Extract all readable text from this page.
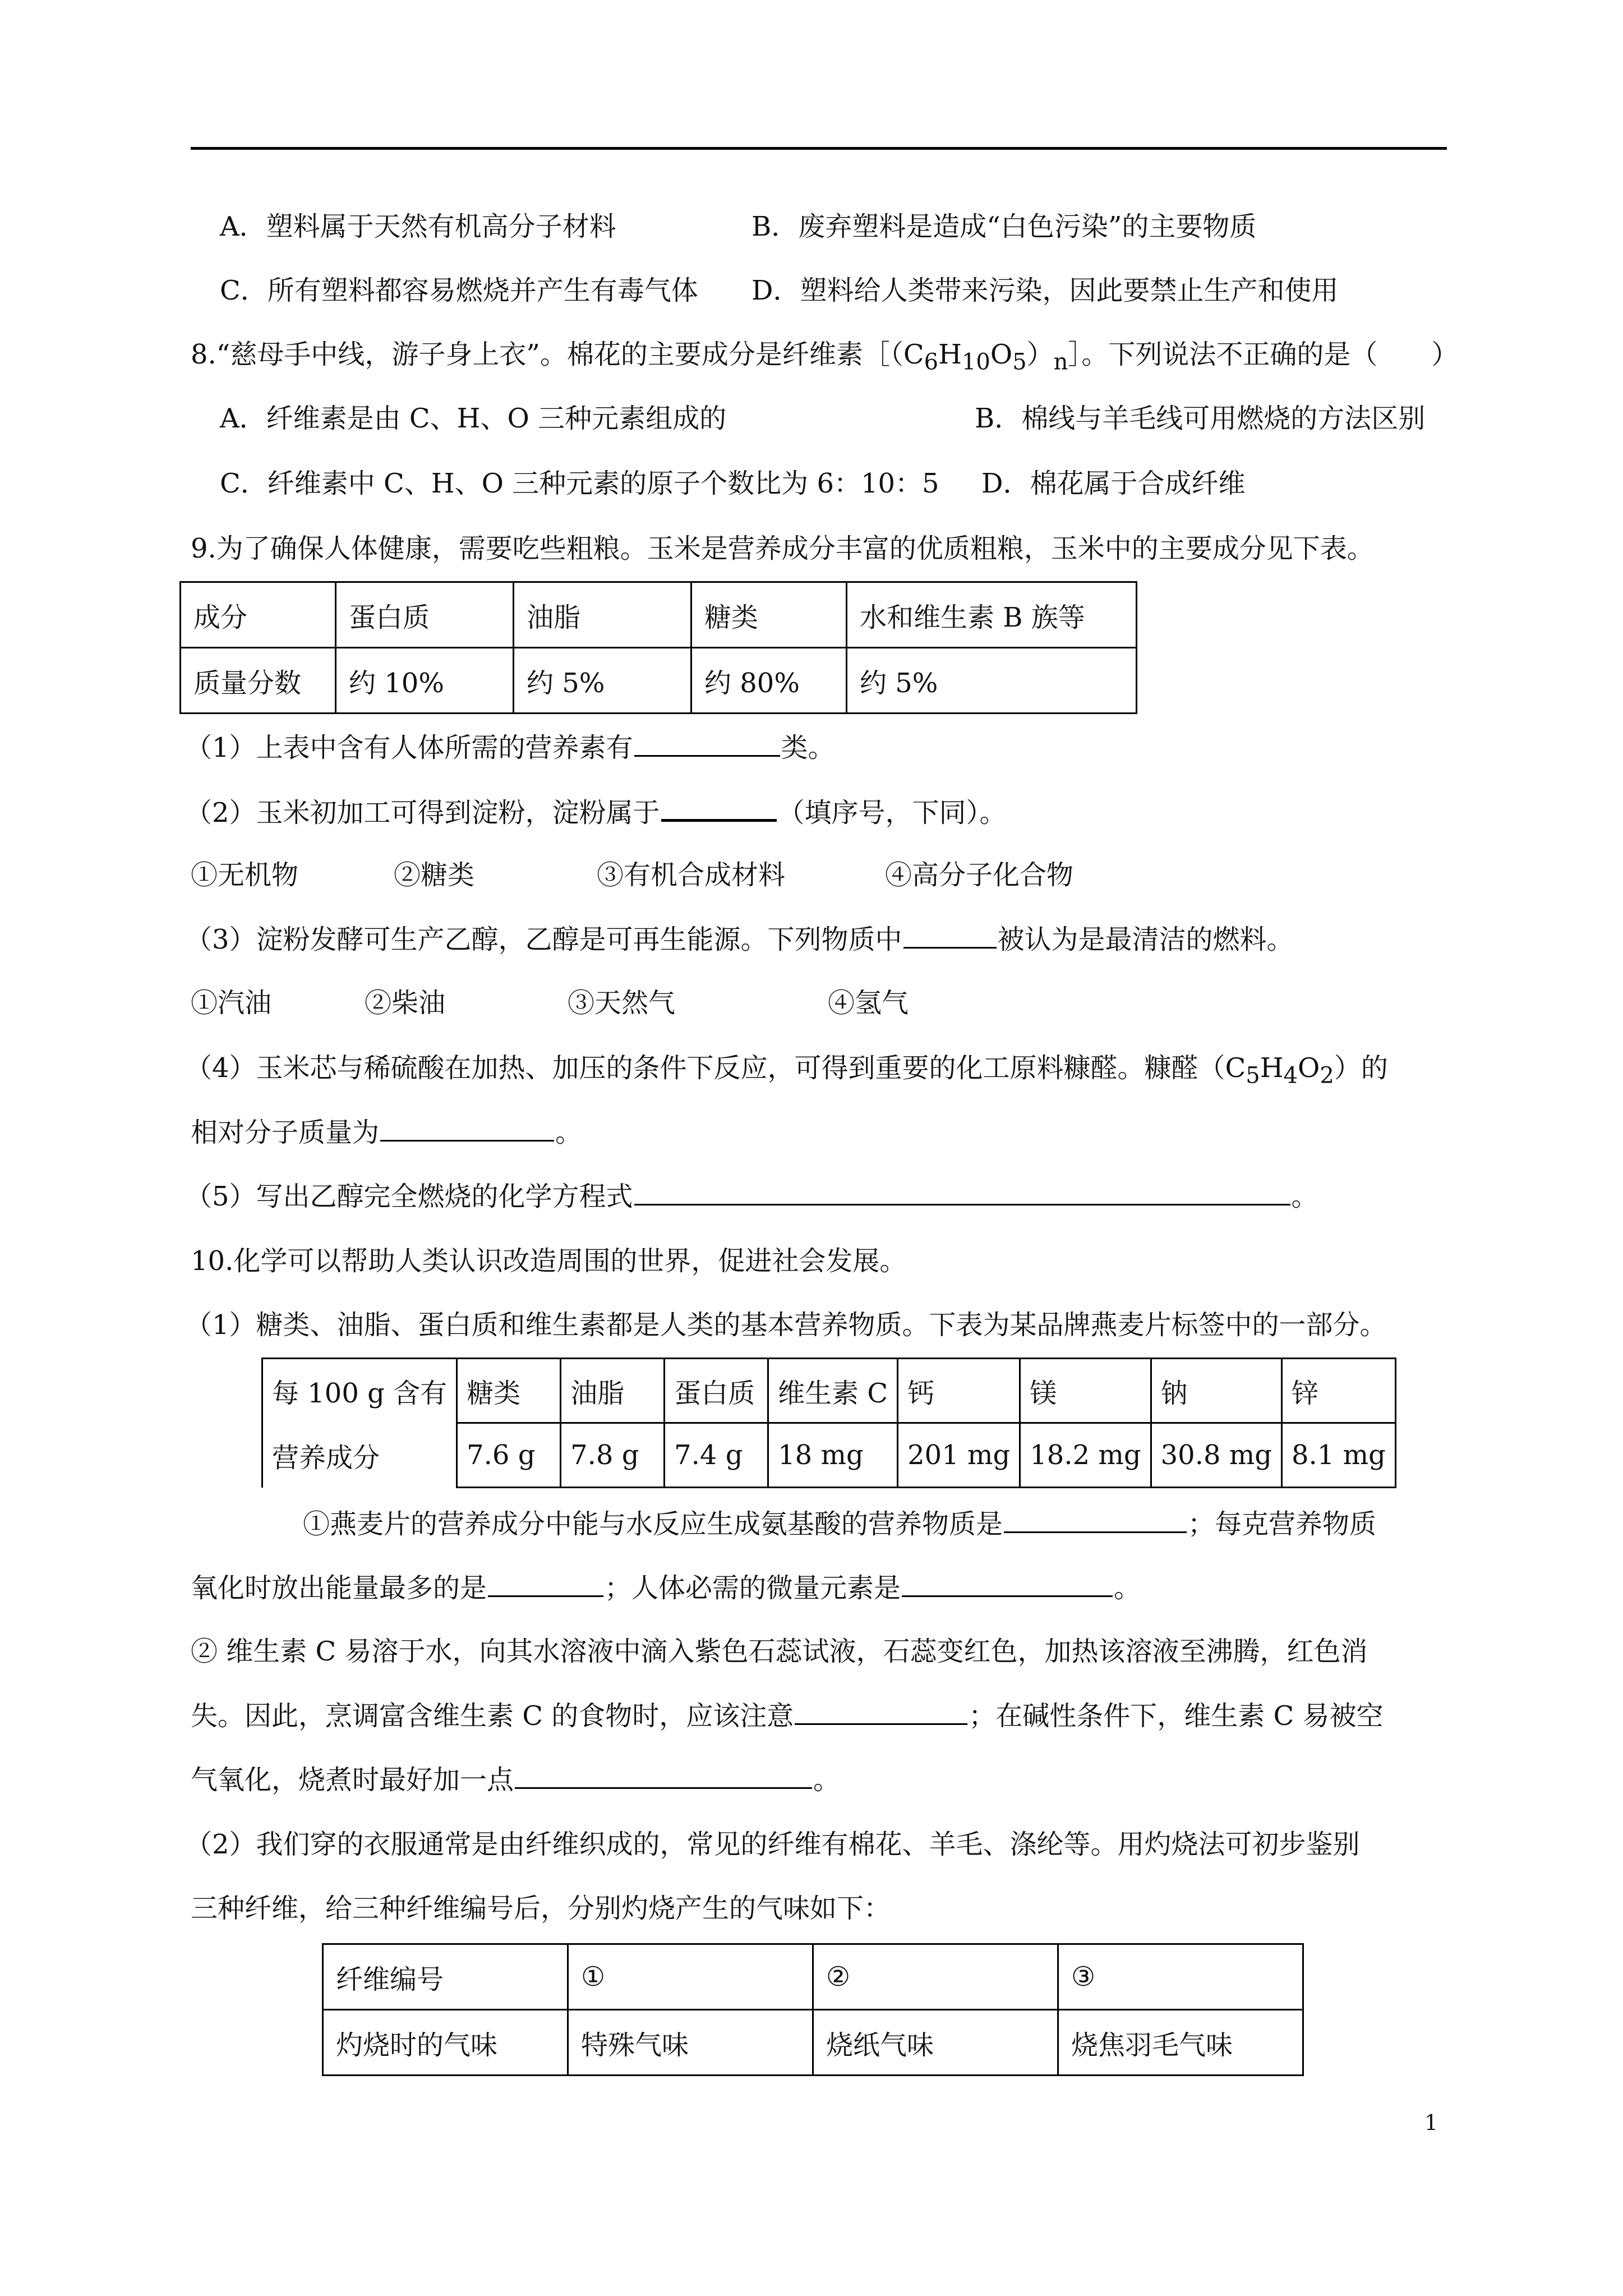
A．塑料属于天然有机高分子材料	B．废弃塑料是造成“白色污染”的主要物质
C．所有塑料都容易燃烧并产生有毒气体 D．塑料给人类带来污染，因此要禁止生产和使用
8.“慈母手中线，游子身上衣”。棉花的主要成分是纤维素$[(C_6H_{10}O_5)_n]$。下列说法不正确的是（　　）
A．纤维素是由 C、H、O 三种元素组成的	B．棉线与羊毛线可用燃烧的方法区别
C．纤维素中 C、H、O 三种元素的原子个数比为 6：10：5 D．棉花属于合成纤维
9.为了确保人体健康，需要吃些粗粮。玉米是营养成分丰富的优质粗粮，玉米中的主要成分见下表。
成分	蛋白质	油脂	糖类	水和维生素 B 族等
质量分数	约 10%	约 5%	约 80%	约 5%
（1）上表中含有人体所需的营养素有	类。
（2）玉米初加工可得到淀粉，淀粉属于	（填序号，下同）。
①无机物	②糖类	③有机合成材料	④高分子化合物
（3）淀粉发酵可生产乙醇，乙醇是可再生能源。下列物质中	被认为是最清洁的燃料。
①汽油	②柴油	③天然气	④氢气
（4）玉米芯与稀硫酸在加热、加压的条件下反应，可得到重要的化工原料糠醛。糠醛$(C_5H_4O_2)$的
相对分子质量为	。
（5）写出乙醇完全燃烧的化学方程式	。
10.化学可以帮助人类认识改造周围的世界，促进社会发展。
（1）糖类、油脂、蛋白质和维生素都是人类的基本营养物质。下表为某品牌燕麦片标签中的一部分。
每 100 g 含有	糖类	油脂	蛋白质	维生素 C	钙	镁	钠	锌
营养成分	7.6 g	7.8 g	7.4 g	18 mg	201 mg	18.2 mg	30.8 mg	8.1 mg
①燕麦片的营养成分中能与水反应生成氨基酸的营养物质是	；每克营养物质
氧化时放出能量最多的是	；人体必需的微量元素是	。
② 维生素 C 易溶于水，向其水溶液中滴入紫色石蕊试液，石蕊变红色，加热该溶液至沸腾，红色消
失。因此，烹调富含维生素 C 的食物时，应该注意	；在碱性条件下，维生素 C 易被空
气氧化，烧煮时最好加一点	。
（2）我们穿的衣服通常是由纤维织成的，常见的纤维有棉花、羊毛、涤纶等。用灼烧法可初步鉴别
三种纤维，给三种纤维编号后，分别灼烧产生的气味如下：
纤维编号	①	②	③
灼烧时的气味	特殊气味	烧纸气味	烧焦羽毛气味
1
